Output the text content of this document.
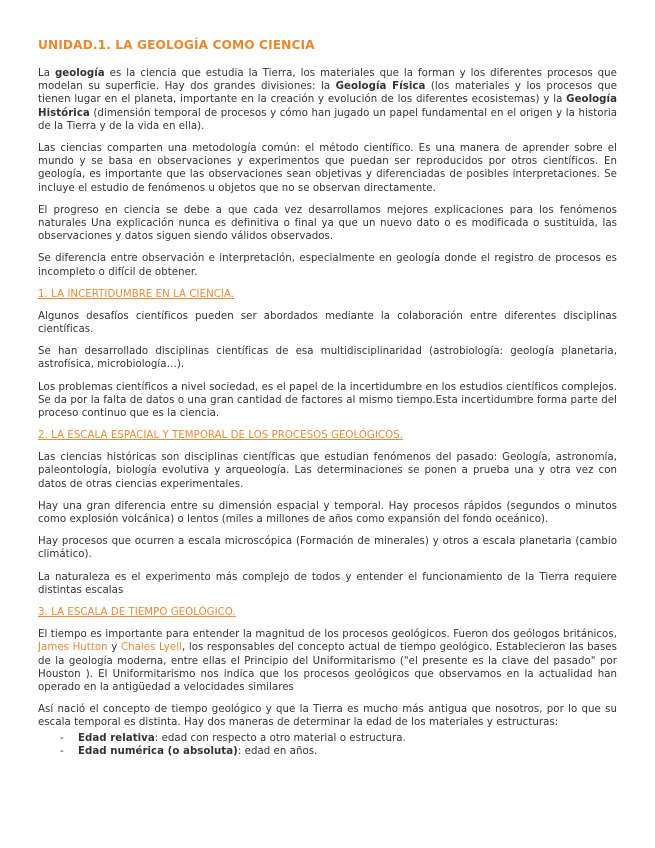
UNIDAD.1. LA GEOLOGÍA COMO CIENCIA

La geología es la ciencia que estudia la Tierra, los materiales que la forman y los diferentes procesos que modelan su superficie. Hay dos grandes divisiones: la Geología Física (los materiales y los procesos que tienen lugar en el planeta, importante en la creación y evolución de los diferentes ecosistemas) y la Geología Histórica (dimensión temporal de procesos y cómo han jugado un papel fundamental en el origen y la historia de la Tierra y de la vida en ella).

Las ciencias comparten una metodología común: el método científico. Es una manera de aprender sobre el mundo y se basa en observaciones y experimentos que puedan ser reproducidos por otros científicos. En geología, es importante que las observaciones sean objetivas y diferenciadas de posibles interpretaciones. Se incluye el estudio de fenómenos u objetos que no se observan directamente.

El progreso en ciencia se debe a que cada vez desarrollamos mejores explicaciones para los fenómenos naturales Una explicación nunca es definitiva o final ya que un nuevo dato o es modificada o sustituida, las observaciones y datos siguen siendo válidos observados.

Se diferencia entre observación e interpretación, especialmente en geología donde el registro de procesos es incompleto o difícil de obtener.

1. LA INCERTIDUMBRE EN LA CIENCIA.

Algunos desafíos científicos pueden ser abordados mediante la colaboración entre diferentes disciplinas científicas.

Se han desarrollado disciplinas científicas de esa multidisciplinaridad (astrobiología: geología planetaria, astrofísica, microbiología…).

Los problemas científicos a nivel sociedad, es el papel de la incertidumbre en los estudios científicos complejos. Se da por la falta de datos o una gran cantidad de factores al mismo tiempo.Esta incertidumbre forma parte del proceso continuo que es la ciencia.

2. LA ESCALA ESPACIAL Y TEMPORAL DE LOS PROCESOS GEOLÓGICOS.

Las ciencias históricas son disciplinas científicas que estudian fenómenos del pasado: Geología, astronomía, paleontología, biología evolutiva y arqueología. Las determinaciones se ponen a prueba una y otra vez con datos de otras ciencias experimentales.

Hay una gran diferencia entre su dimensión espacial y temporal. Hay procesos rápidos (segundos o minutos como explosión volcánica) o lentos (miles a millones de años como expansión del fondo oceánico).

Hay procesos que ocurren a escala microscópica (Formación de minerales) y otros a escala planetaria (cambio climático).

La naturaleza es el experimento más complejo de todos y entender el funcionamiento de la Tierra requiere distintas escalas

3. LA ESCALA DE TIEMPO GEOLÓGICO.

El tiempo es importante para entender la magnitud de los procesos geológicos. Fueron dos geólogos británicos, James Hutton y Chales Lyell, los responsables del concepto actual de tiempo geológico. Establecieron las bases de la geología moderna, entre ellas el Principio del Uniformitarismo ("el presente es la clave del pasado" por Houston ). El Uniformitarismo nos indica que los procesos geológicos que observamos en la actualidad han operado en la antigüedad a velocidades similares

Así nació el concepto de tiempo geológico y que la Tierra es mucho más antigua que nosotros, por lo que su escala temporal es distinta. Hay dos maneras de determinar la edad de los materiales y estructuras:

- Edad relativa: edad con respecto a otro material o estructura.
- Edad numérica (o absoluta): edad en años.
